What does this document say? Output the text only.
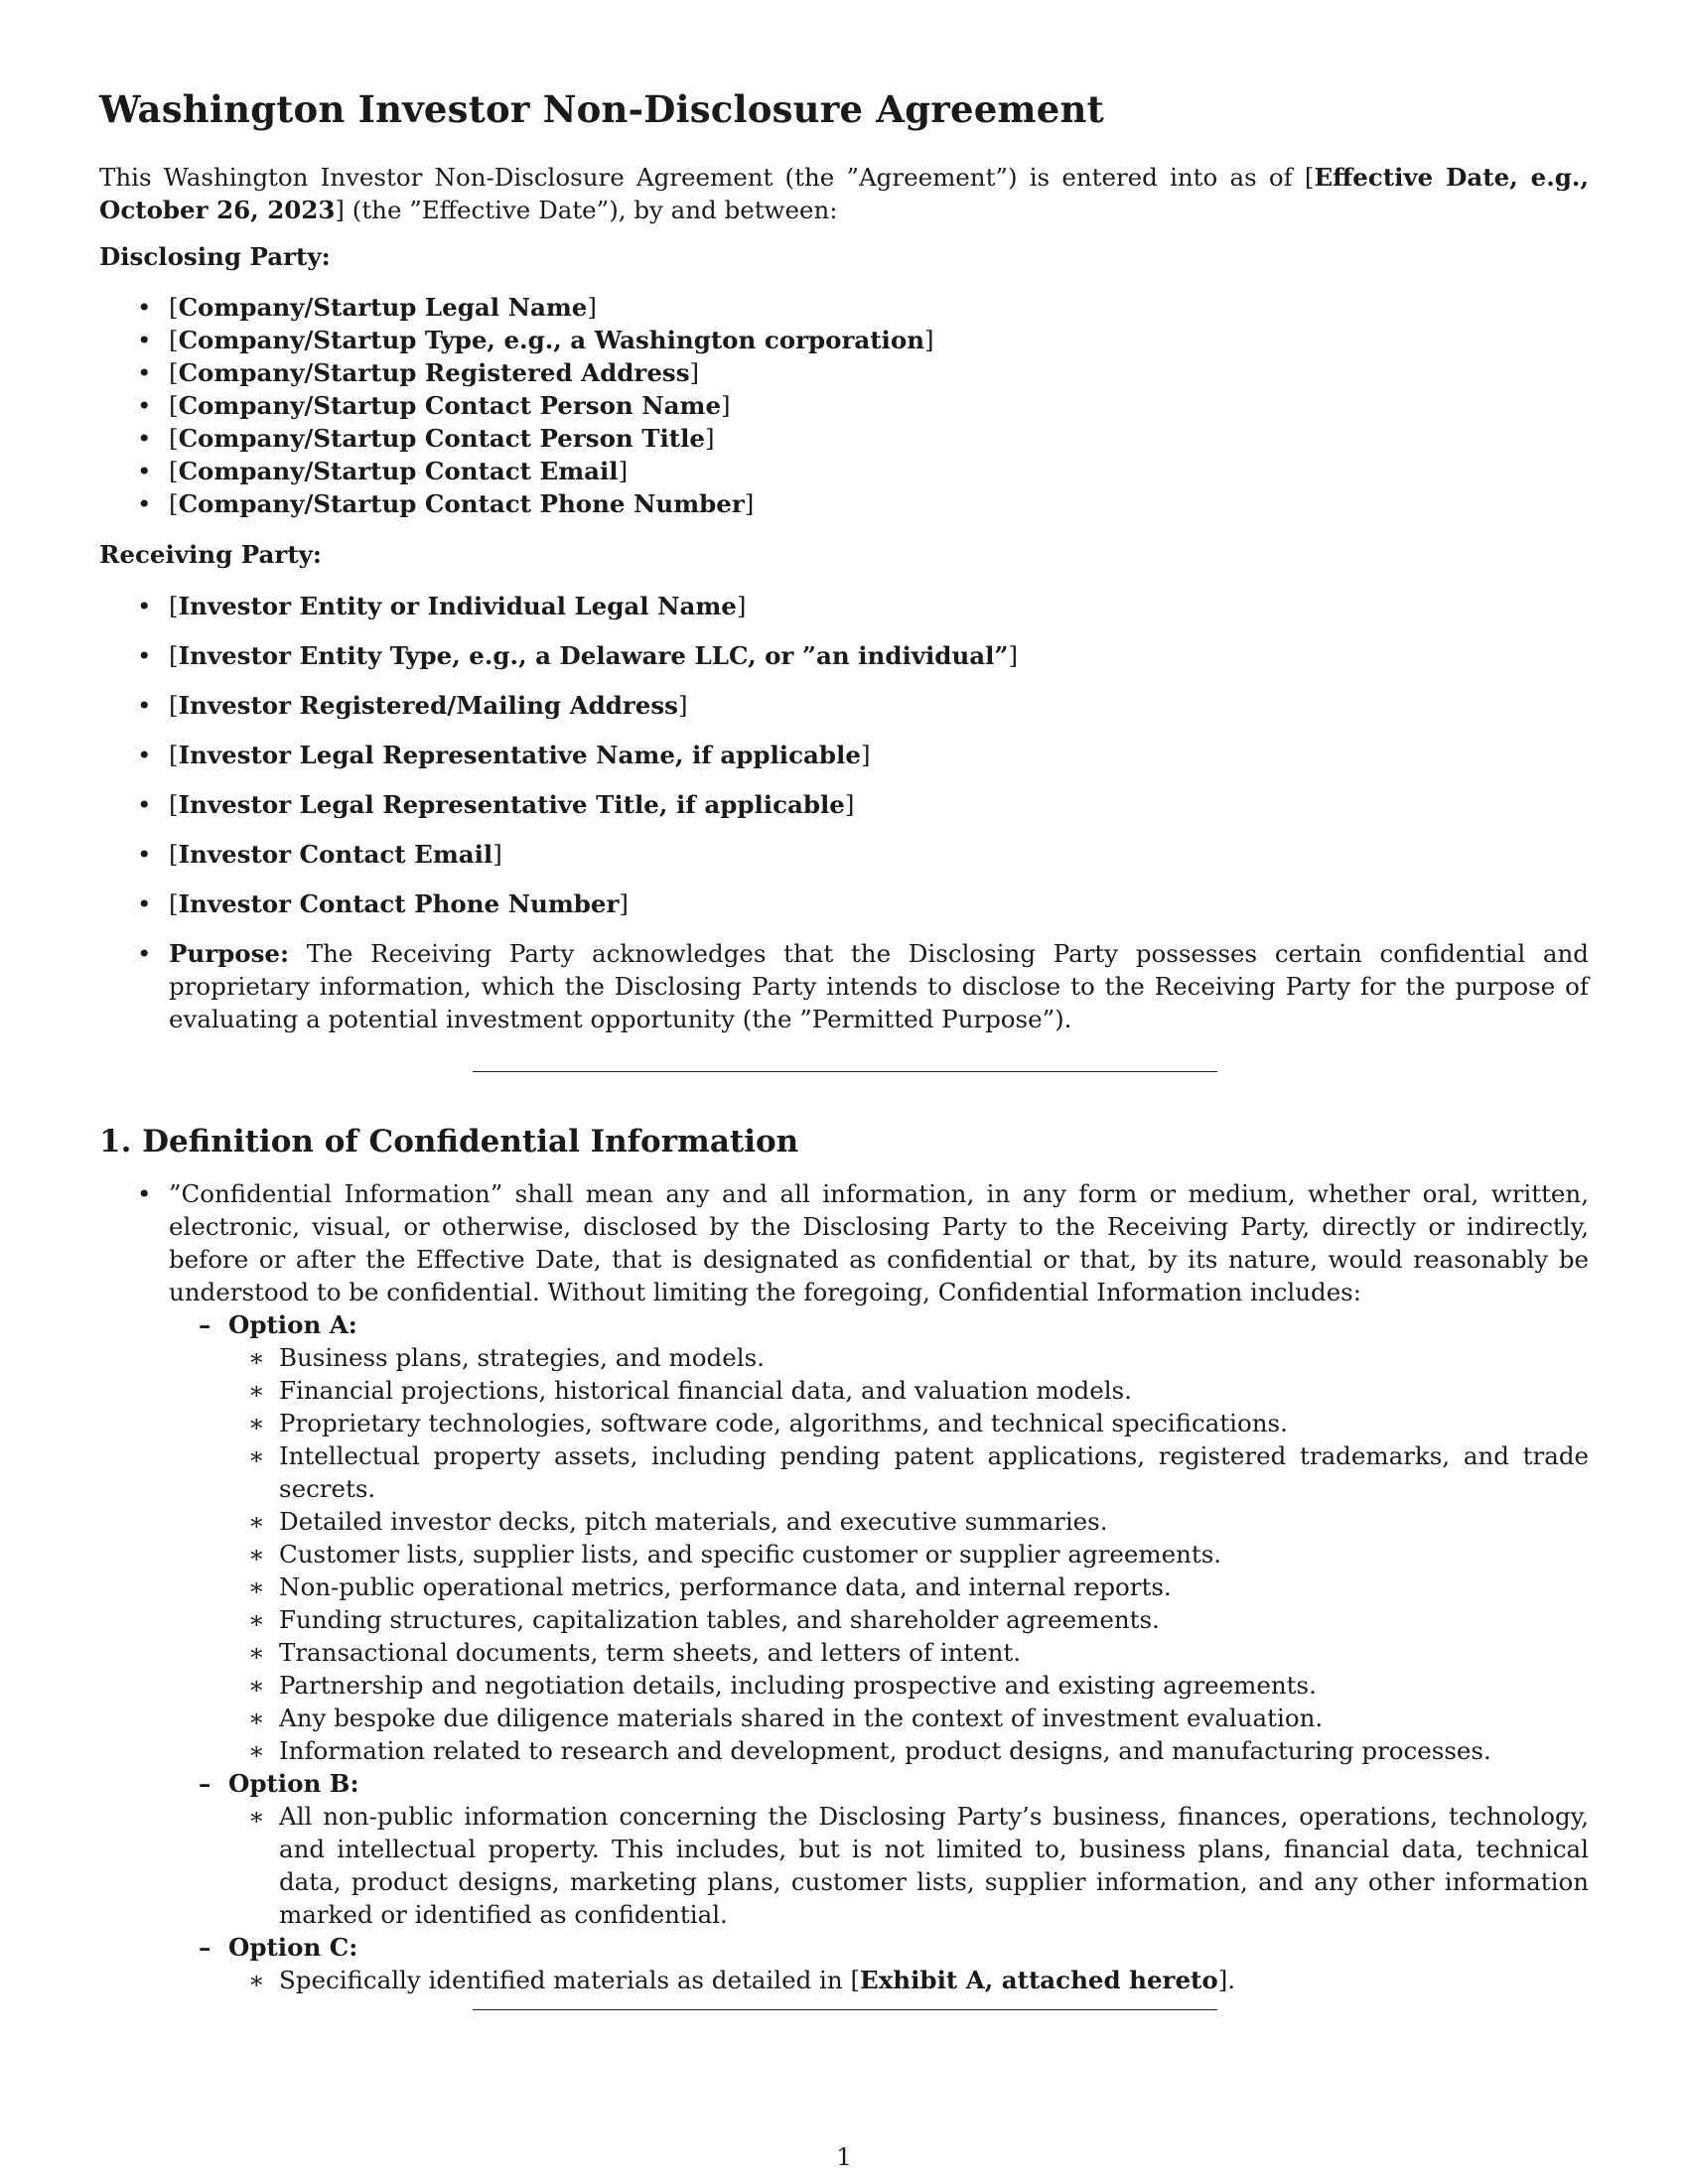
Washington Investor Non-Disclosure Agreement
This Washington Investor Non-Disclosure Agreement (the ”Agreement”) is entered into as of [Effective Date, e.g., October 26, 2023] (the ”Effective Date”), by and between:
Disclosing Party:
• [Company/Startup Legal Name]
• [Company/Startup Type, e.g., a Washington corporation]
• [Company/Startup Registered Address]
• [Company/Startup Contact Person Name]
• [Company/Startup Contact Person Title]
• [Company/Startup Contact Email]
• [Company/Startup Contact Phone Number]
Receiving Party:
• [Investor Entity or Individual Legal Name]
• [Investor Entity Type, e.g., a Delaware LLC, or ”an individual”]
• [Investor Registered/Mailing Address]
• [Investor Legal Representative Name, if applicable]
• [Investor Legal Representative Title, if applicable]
• [Investor Contact Email]
• [Investor Contact Phone Number]
• Purpose: The Receiving Party acknowledges that the Disclosing Party possesses certain confidential and proprietary information, which the Disclosing Party intends to disclose to the Receiving Party for the purpose of evaluating a potential investment opportunity (the ”Permitted Purpose”).
1. Definition of Confidential Information
• ”Confidential Information” shall mean any and all information, in any form or medium, whether oral, written, electronic, visual, or otherwise, disclosed by the Disclosing Party to the Receiving Party, directly or indirectly, before or after the Effective Date, that is designated as confidential or that, by its nature, would reasonably be understood to be confidential. Without limiting the foregoing, Confidential Information includes:
– Option A:
∗ Business plans, strategies, and models.
∗ Financial projections, historical financial data, and valuation models.
∗ Proprietary technologies, software code, algorithms, and technical specifications.
∗ Intellectual property assets, including pending patent applications, registered trademarks, and trade secrets.
∗ Detailed investor decks, pitch materials, and executive summaries.
∗ Customer lists, supplier lists, and specific customer or supplier agreements.
∗ Non-public operational metrics, performance data, and internal reports.
∗ Funding structures, capitalization tables, and shareholder agreements.
∗ Transactional documents, term sheets, and letters of intent.
∗ Partnership and negotiation details, including prospective and existing agreements.
∗ Any bespoke due diligence materials shared in the context of investment evaluation.
∗ Information related to research and development, product designs, and manufacturing processes.
– Option B:
∗ All non-public information concerning the Disclosing Party’s business, finances, operations, technology, and intellectual property. This includes, but is not limited to, business plans, financial data, technical data, product designs, marketing plans, customer lists, supplier information, and any other information marked or identified as confidential.
– Option C:
∗ Specifically identified materials as detailed in [Exhibit A, attached hereto].
1
